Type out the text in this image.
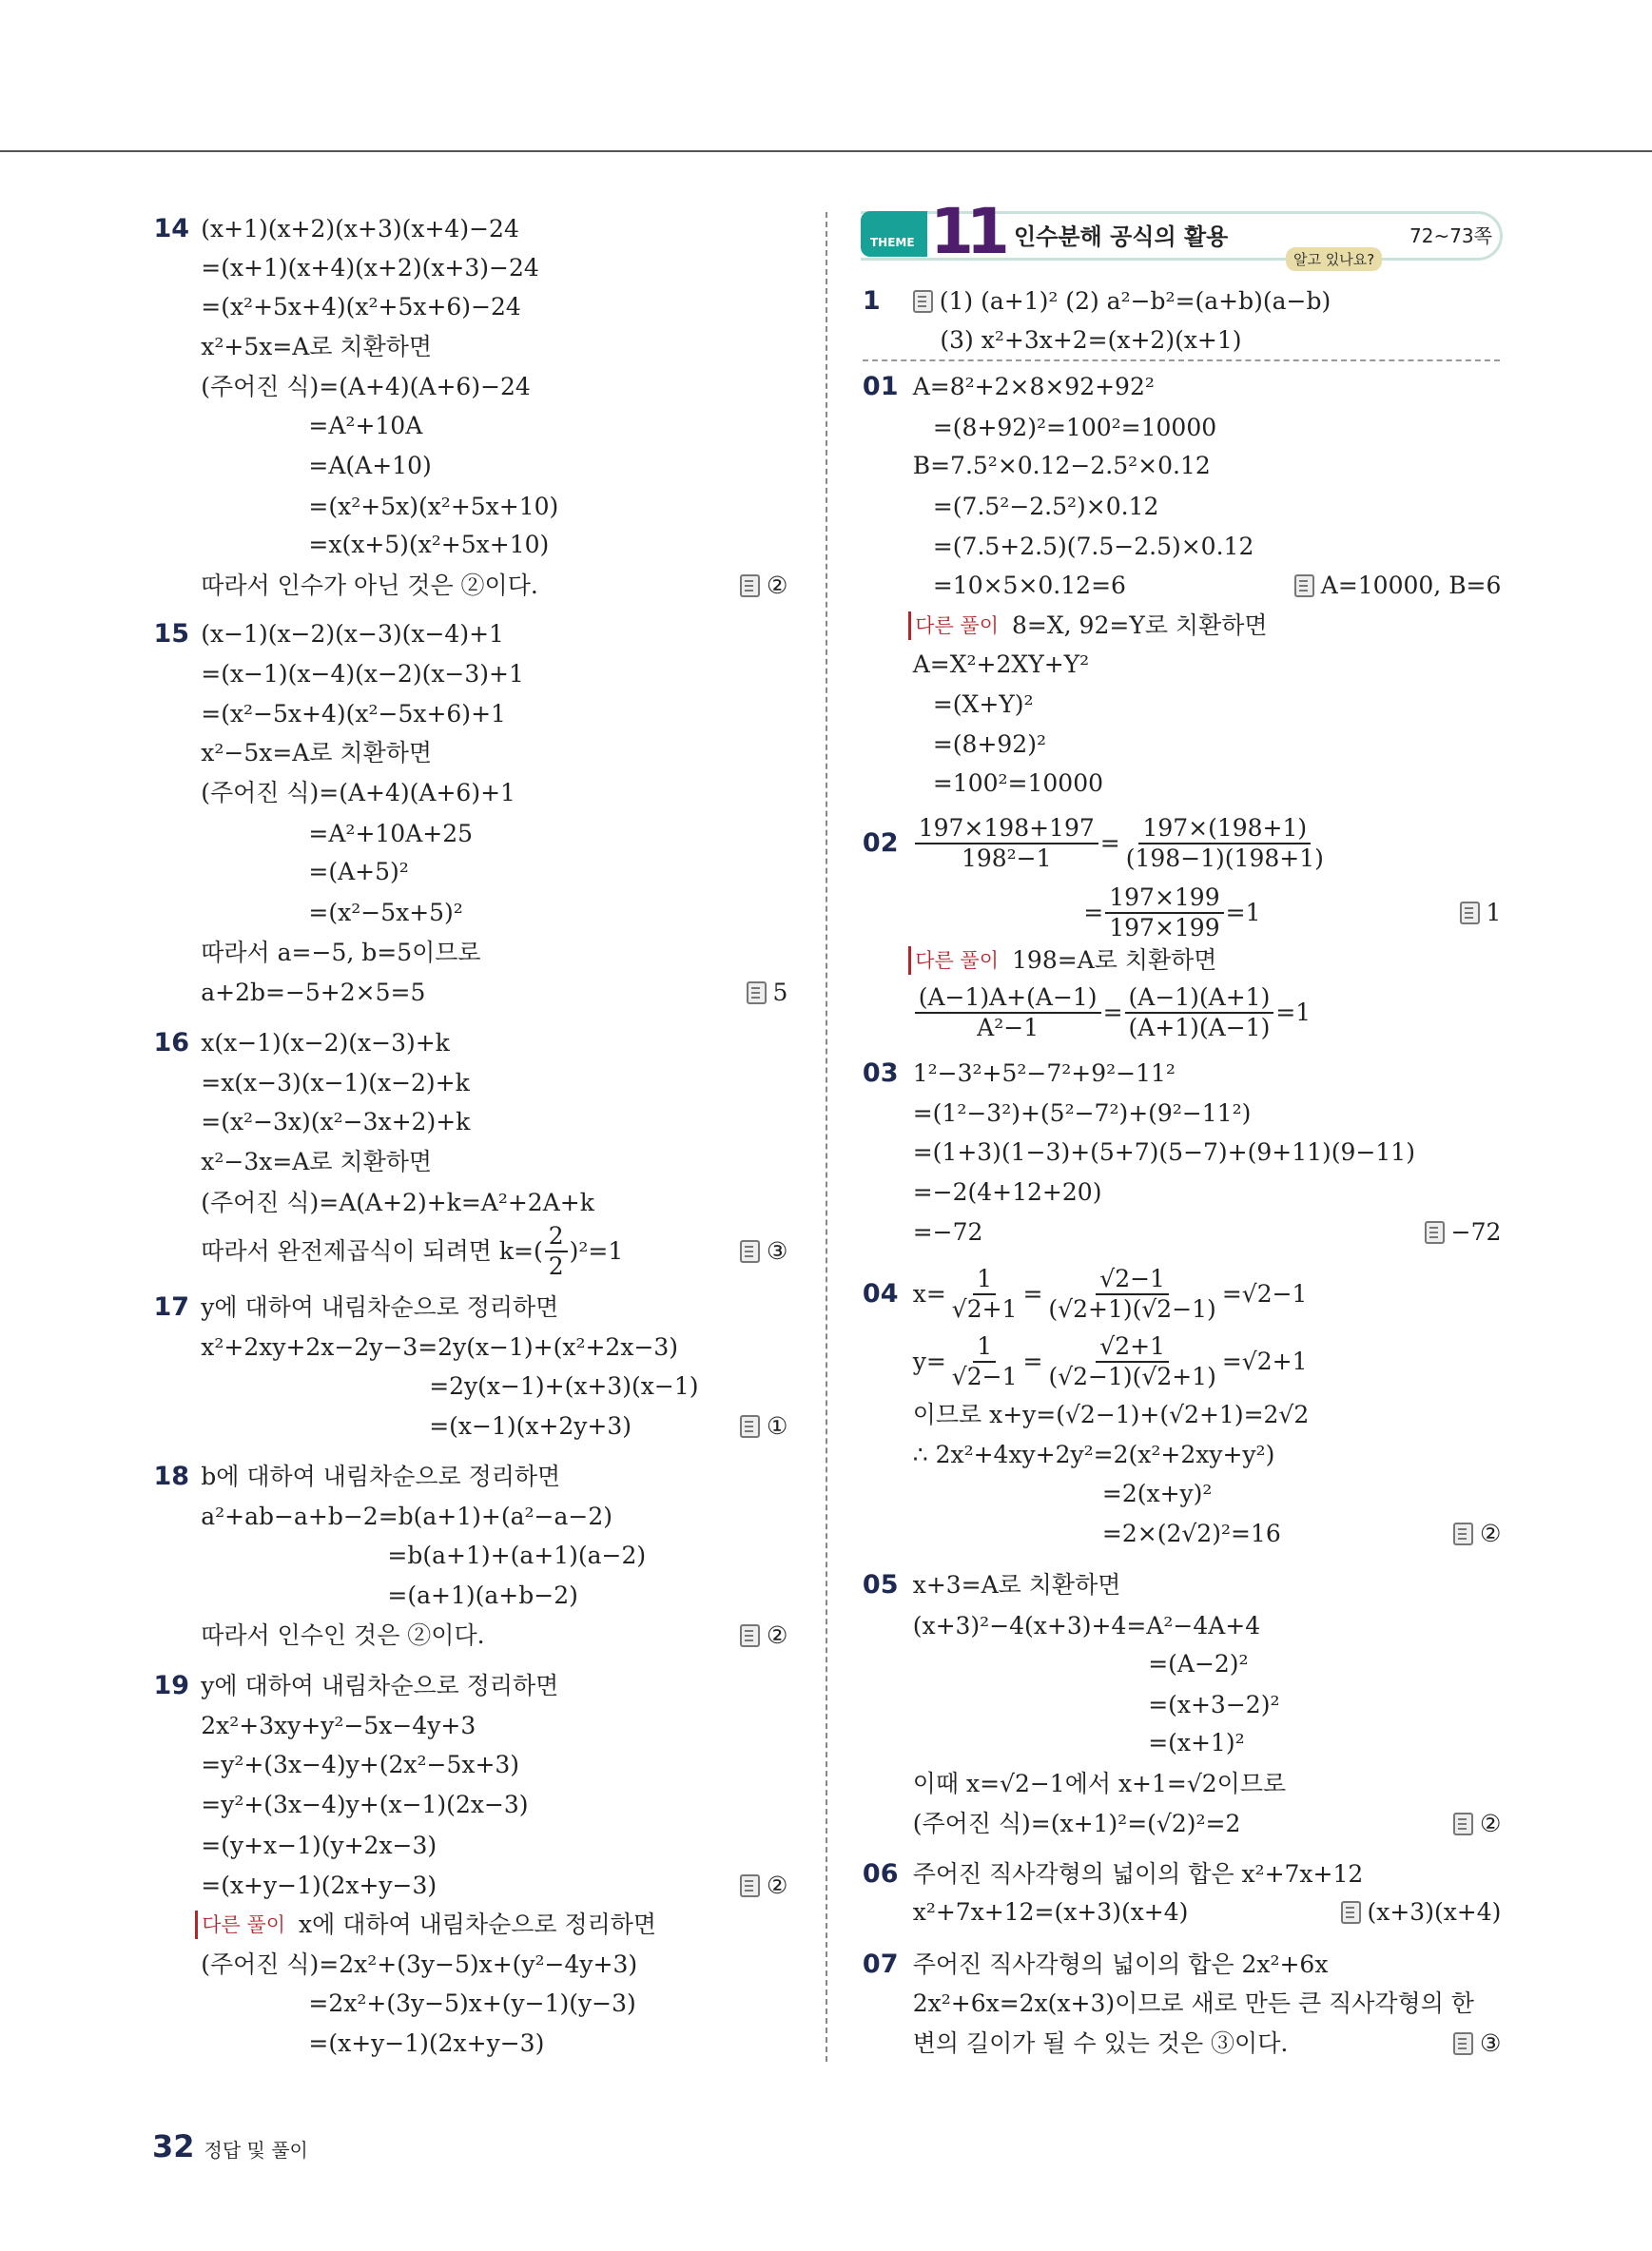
THEME 11 인수분해 공식의 활용	72~73쪽
알고 있나요?
14 (x+1)(x+2)(x+3)(x+4)−24
=(x+1)(x+4)(x+2)(x+3)−24
=(x²+5x+4)(x²+5x+6)−24
x²+5x=A로 치환하면
(주어진 식)=(A+4)(A+6)−24
=A²+10A
=A(A+10)
=(x²+5x)(x²+5x+10)
=x(x+5)(x²+5x+10)
따라서 인수가 아닌 것은 ②이다.	②
15 (x−1)(x−2)(x−3)(x−4)+1
=(x−1)(x−4)(x−2)(x−3)+1
=(x²−5x+4)(x²−5x+6)+1
x²−5x=A로 치환하면
(주어진 식)=(A+4)(A+6)+1
=A²+10A+25
=(A+5)²
=(x²−5x+5)²
따라서 a=−5, b=5이므로
a+2b=−5+2×5=5	5
16 x(x−1)(x−2)(x−3)+k
=x(x−3)(x−1)(x−2)+k
=(x²−3x)(x²−3x+2)+k
x²−3x=A로 치환하면
(주어진 식)=A(A+2)+k=A²+2A+k
따라서 완전제곱식이 되려면 $k=( \frac{2}{2} )^2=1$	③
17 y에 대하여 내림차순으로 정리하면
x²+2xy+2x−2y−3=2y(x−1)+(x²+2x−3)
=2y(x−1)+(x+3)(x−1)
=(x−1)(x+2y+3)	①
18 b에 대하여 내림차순으로 정리하면
a²+ab−a+b−2=b(a+1)+(a²−a−2)
=b(a+1)+(a+1)(a−2)
=(a+1)(a+b−2)
따라서 인수인 것은 ②이다.	②
19 y에 대하여 내림차순으로 정리하면
2x²+3xy+y²−5x−4y+3
=y²+(3x−4)y+(2x²−5x+3)
=y²+(3x−4)y+(x−1)(2x−3)
=(y+x−1)(y+2x−3)
=(x+y−1)(2x+y−3)	②
다른 풀이 x에 대하여 내림차순으로 정리하면
(주어진 식)=2x²+(3y−5)x+(y²−4y+3)
=2x²+(3y−5)x+(y−1)(y−3)
=(x+y−1)(2x+y−3)
1 (1) (a+1)² (2) a²−b²=(a+b)(a−b)
(3) x²+3x+2=(x+2)(x+1)
01 A=8²+2×8×92+92²
=(8+92)²=100²=10000
B=7.5²×0.12−2.5²×0.12
=(7.5²−2.5²)×0.12
=(7.5+2.5)(7.5−2.5)×0.12
=10×5×0.12=6	A=10000, B=6
다른 풀이 8=X, 92=Y로 치환하면
A=X²+2XY+Y²
=(X+Y)²
=(8+92)²
=100²=10000
$02 \frac{197\times 198+197}{\text{198²−1}} = \frac{197\times(198+1)}{(198-1)(198+1)}$
= $\frac{197\times 199}{197\times 199} =1$	1
다른 풀이 198=A로 치환하면
$\frac{(A-1)A+(A-1)}{\text{A²−1}} = \frac{(A-1)(A+1)}{(A+1)(A-1)} =1$
03 1²−3²+5²−7²+9²−11²
=(1²−3²)+(5²−7²)+(9²−11²)
=(1+3)(1−3)+(5+7)(5−7)+(9+11)(9−11)
=−2(4+12+20)
=−72	−72
04 $x= \frac{1}{√2+1} = \frac{√2-1}{(√2+1)(√2-1)} =√2-1$
$y= \frac{1}{√2-1} = \frac{√2+1}{(√2-1)(√2+1)} =√2+1$
이므로 x+y=(√2−1)+(√2+1)=2√2
∴ 2x²+4xy+2y²=2(x²+2xy+y²)
=2(x+y)²
=2×(2√2)²=16	②
05 x+3=A로 치환하면
(x+3)²−4(x+3)+4=A²−4A+4
=(A−2)²
=(x+3−2)²
=(x+1)²
이때 x=√2−1에서 x+1=√2이므로
(주어진 식)=(x+1)²=(√2)²=2	②
06 주어진 직사각형의 넓이의 합은 x²+7x+12
x²+7x+12=(x+3)(x+4)	(x+3)(x+4)
07 주어진 직사각형의 넓이의 합은 2x²+6x
2x²+6x=2x(x+3)이므로 새로 만든 큰 직사각형의 한
변의 길이가 될 수 있는 것은 ③이다.	③
32 정답 및 풀이
